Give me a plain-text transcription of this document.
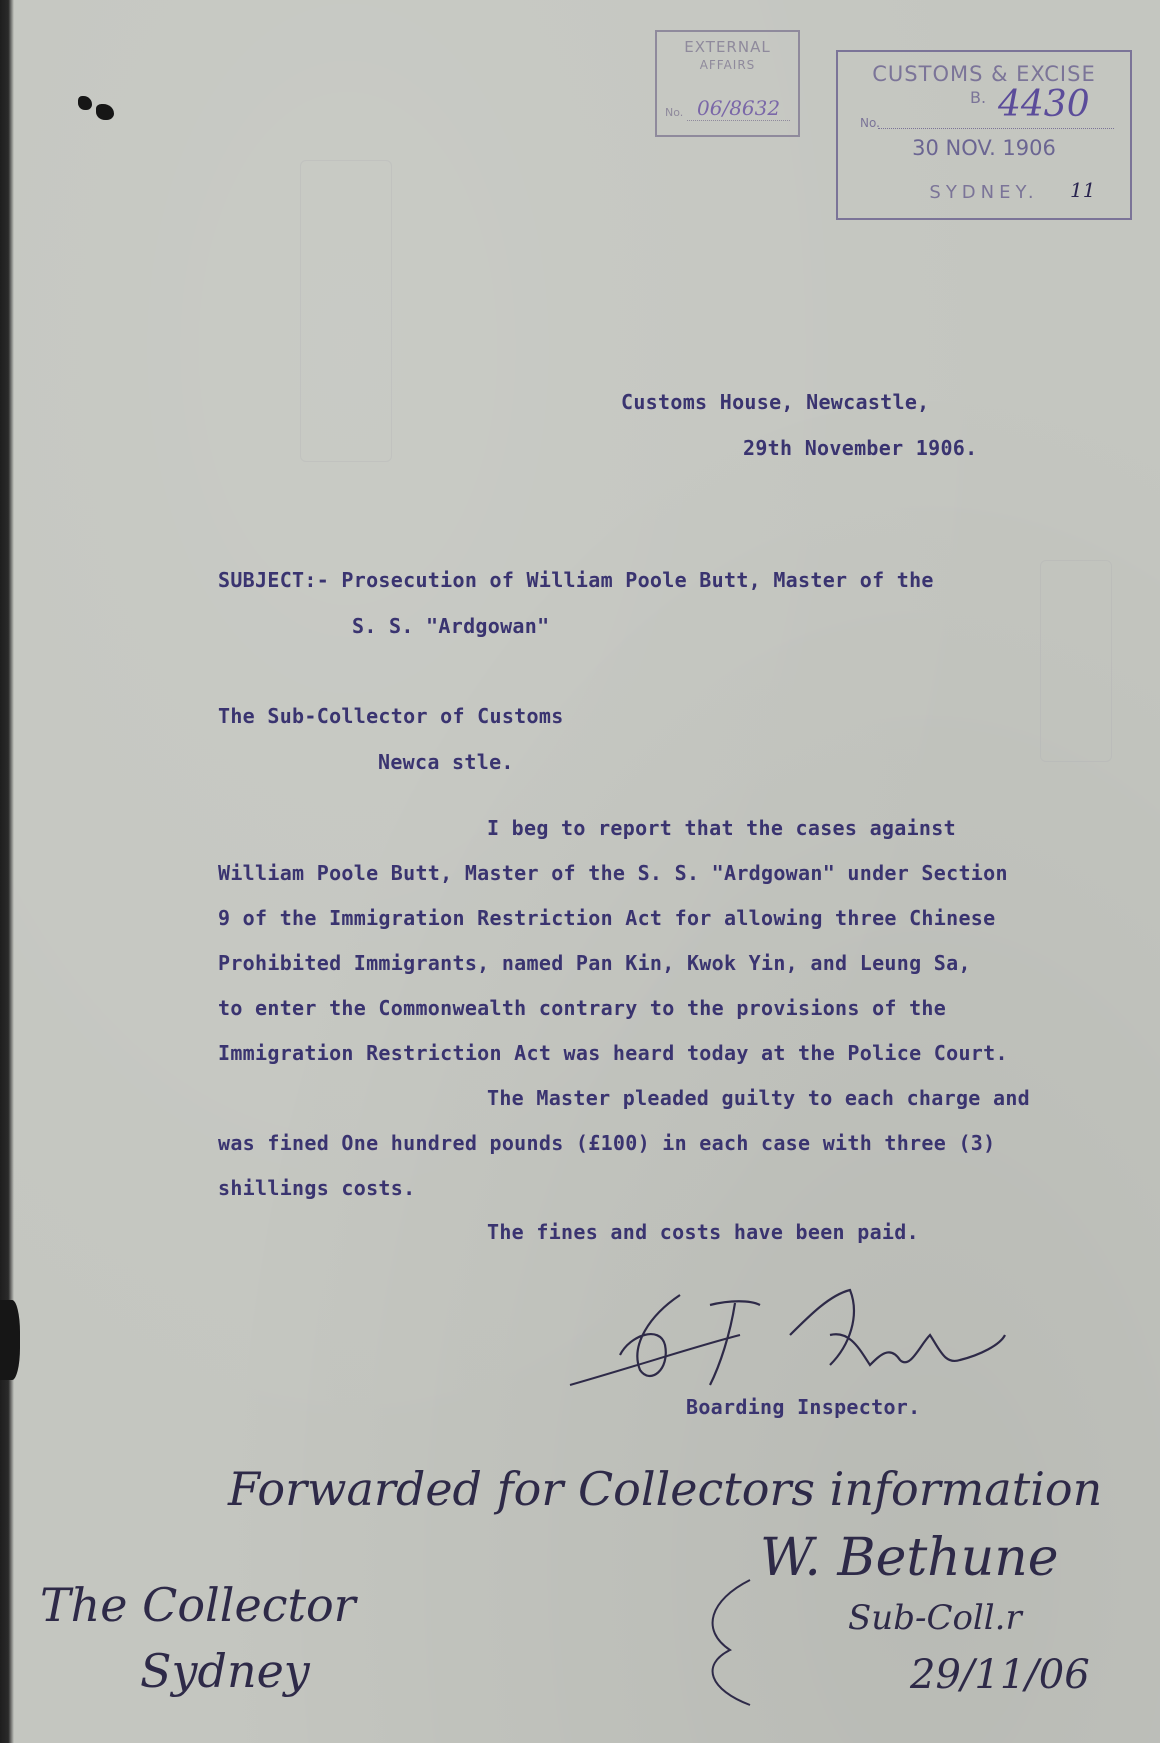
EXTERNAL
AFFAIRS
No. 06/8632
CUSTOMS & EXCISE
B.
No.	4430
30 NOV. 1906
SYDNEY.	11
Customs House, Newcastle,
29th November 1906.
SUBJECT:- Prosecution of William Poole Butt, Master of the
S. S. "Ardgowan"
The Sub-Collector of Customs
Newca stle.
I beg to report that the cases against
William Poole Butt, Master of the S. S. "Ardgowan" under Section
9 of the Immigration Restriction Act for allowing three Chinese
Prohibited Immigrants, named Pan Kin, Kwok Yin, and Leung Sa,
to enter the Commonwealth contrary to the provisions of the
Immigration Restriction Act was heard today at the Police Court.
The Master pleaded guilty to each charge and
was fined One hundred pounds (£100) in each case with three (3)
shillings costs.
The fines and costs have been paid.
Boarding Inspector.
Forwarded for Collectors information
W. Bethune
Sub-Coll.r
29/11/06
The Collector
Sydney
